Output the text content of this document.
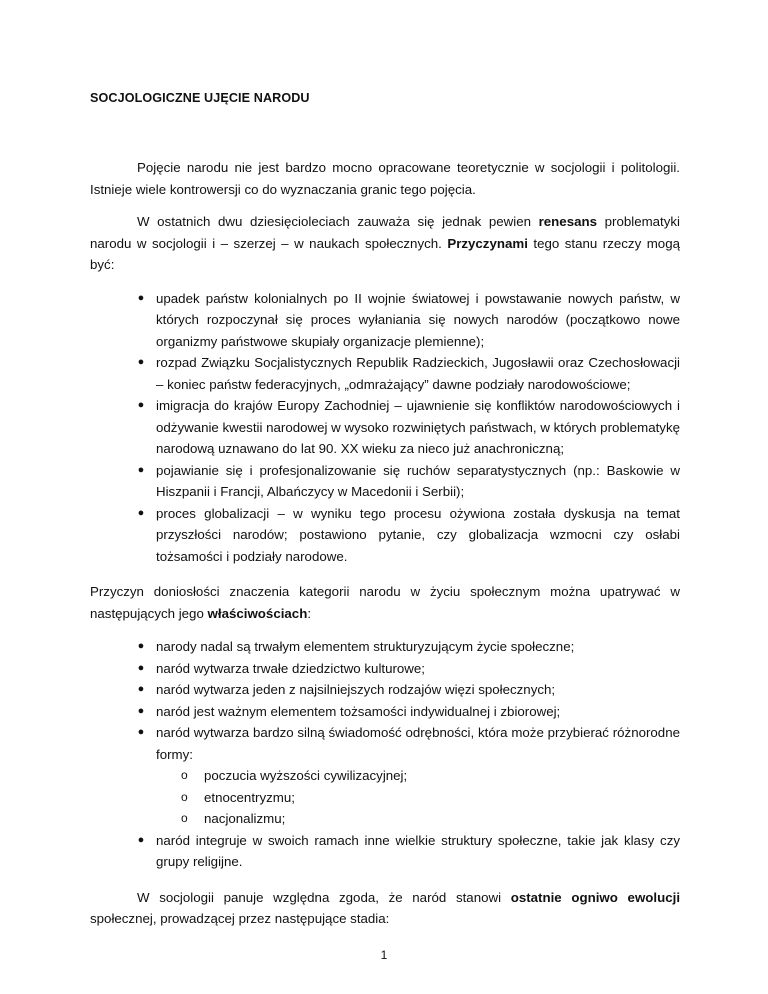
SOCJOLOGICZNE UJĘCIE NARODU

Pojęcie narodu nie jest bardzo mocno opracowane teoretycznie w socjologii i politologii. Istnieje wiele kontrowersji co do wyznaczania granic tego pojęcia.

W ostatnich dwu dziesięcioleciach zauważa się jednak pewien renesans problematyki narodu w socjologii i – szerzej – w naukach społecznych. Przyczynami tego stanu rzeczy mogą być:

● upadek państw kolonialnych po II wojnie światowej i powstawanie nowych państw, w których rozpoczynał się proces wyłaniania się nowych narodów (początkowo nowe organizmy państwowe skupiały organizacje plemienne);
● rozpad Związku Socjalistycznych Republik Radzieckich, Jugosławii oraz Czechosłowacji – koniec państw federacyjnych, „odmrażający” dawne podziały narodowościowe;
● imigracja do krajów Europy Zachodniej – ujawnienie się konfliktów narodowościowych i odżywanie kwestii narodowej w wysoko rozwiniętych państwach, w których problematykę narodową uznawano do lat 90. XX wieku za nieco już anachroniczną;
● pojawianie się i profesjonalizowanie się ruchów separatystycznych (np.: Baskowie w Hiszpanii i Francji, Albańczycy w Macedonii i Serbii);
● proces globalizacji – w wyniku tego procesu ożywiona została dyskusja na temat przyszłości narodów; postawiono pytanie, czy globalizacja wzmocni czy osłabi tożsamości i podziały narodowe.

Przyczyn doniosłości znaczenia kategorii narodu w życiu społecznym można upatrywać w następujących jego właściwościach:

● narody nadal są trwałym elementem strukturyzującym życie społeczne;
● naród wytwarza trwałe dziedzictwo kulturowe;
● naród wytwarza jeden z najsilniejszych rodzajów więzi społecznych;
● naród jest ważnym elementem tożsamości indywidualnej i zbiorowej;
● naród wytwarza bardzo silną świadomość odrębności, która może przybierać różnorodne formy:
o poczucia wyższości cywilizacyjnej;
o etnocentryzmu;
o nacjonalizmu;
● naród integruje w swoich ramach inne wielkie struktury społeczne, takie jak klasy czy grupy religijne.

W socjologii panuje względna zgoda, że naród stanowi ostatnie ogniwo ewolucji społecznej, prowadzącej przez następujące stadia:

1
